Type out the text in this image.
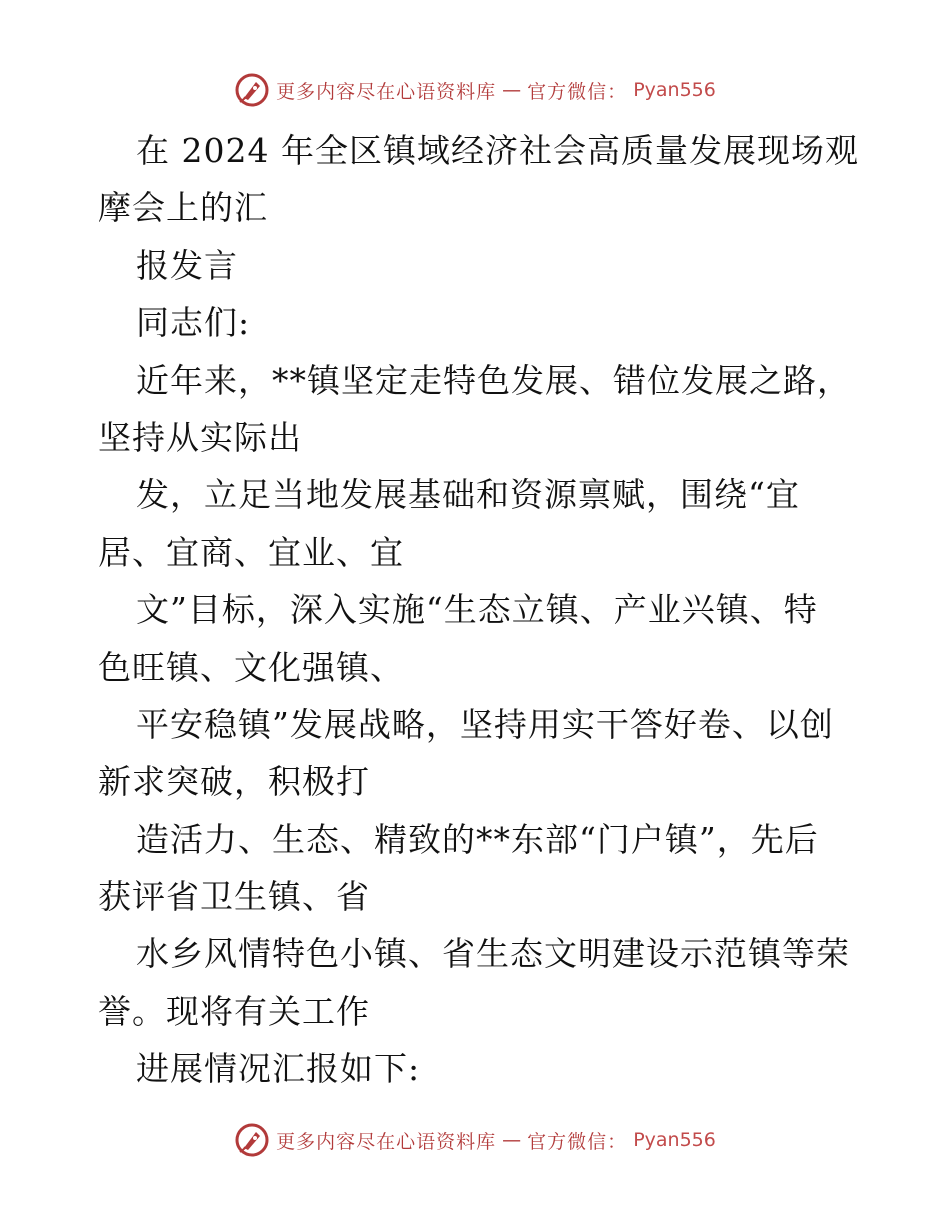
更多内容尽在心语资料库 — 官方微信： Pyan556
在 2024 年全区镇域经济社会高质量发展现场观
摩会上的汇
报发言
同志们:
近年来，**镇坚定走特色发展、错位发展之路，
坚持从实际出
发，立足当地发展基础和资源禀赋，围绕“宜
居、宜商、宜业、宜
文”目标，深入实施“生态立镇、产业兴镇、特
色旺镇、文化强镇、
平安稳镇”发展战略，坚持用实干答好卷、以创
新求突破，积极打
造活力、生态、精致的**东部“门户镇”，先后
获评省卫生镇、省
水乡风情特色小镇、省生态文明建设示范镇等荣
誉。现将有关工作
进展情况汇报如下:
更多内容尽在心语资料库 — 官方微信： Pyan556
